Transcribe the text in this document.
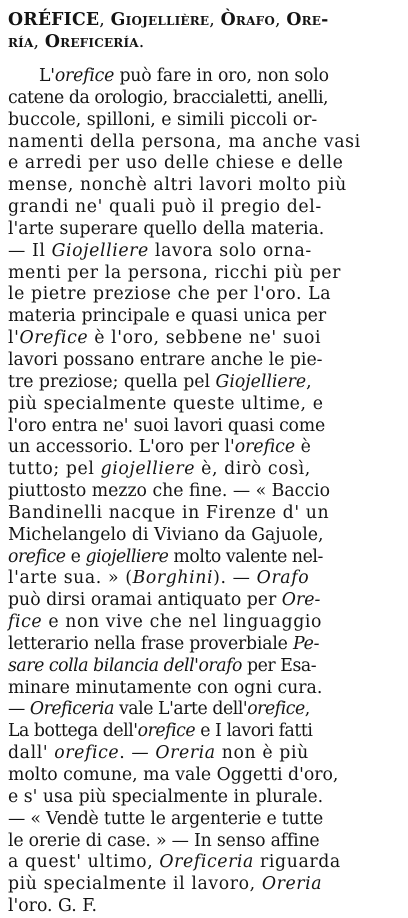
ORÉFICE, Giojellière, Òrafo, Ore-
ría, Oreficería.

L'orefice può fare in oro, non solo
catene da orologio, braccialetti, anelli,
buccole, spilloni, e simili piccoli or-
namenti della persona, ma anche vasi
e arredi per uso delle chiese e delle
mense, nonchè altri lavori molto più
grandi ne' quali può il pregio del-
l'arte superare quello della materia.
— Il Giojelliere lavora solo orna-
menti per la persona, ricchi più per
le pietre preziose che per l'oro. La
materia principale e quasi unica per
l'Orefice è l'oro, sebbene ne' suoi
lavori possano entrare anche le pie-
tre preziose; quella pel Giojelliere,
più specialmente queste ultime, e
l'oro entra ne' suoi lavori quasi come
un accessorio. L'oro per l'orefice è
tutto; pel giojelliere è, dirò così,
piuttosto mezzo che fine. — « Baccio
Bandinelli nacque in Firenze d' un
Michelangelo di Viviano da Gajuole,
orefice e giojelliere molto valente nel-
l'arte sua. » (Borghini). — Orafo
può dirsi oramai antiquato per Ore-
fice e non vive che nel linguaggio
letterario nella frase proverbiale Pe-
sare colla bilancia dell'orafo per Esa-
minare minutamente con ogni cura.
— Oreficeria vale L'arte dell'orefice,
La bottega dell'orefice e I lavori fatti
dall' orefice. — Oreria non è più
molto comune, ma vale Oggetti d'oro,
e s' usa più specialmente in plurale.
— « Vendè tutte le argenterie e tutte
le orerie di case. » — In senso affine
a quest' ultimo, Oreficeria riguarda
più specialmente il lavoro, Oreria
l'oro. G. F.
